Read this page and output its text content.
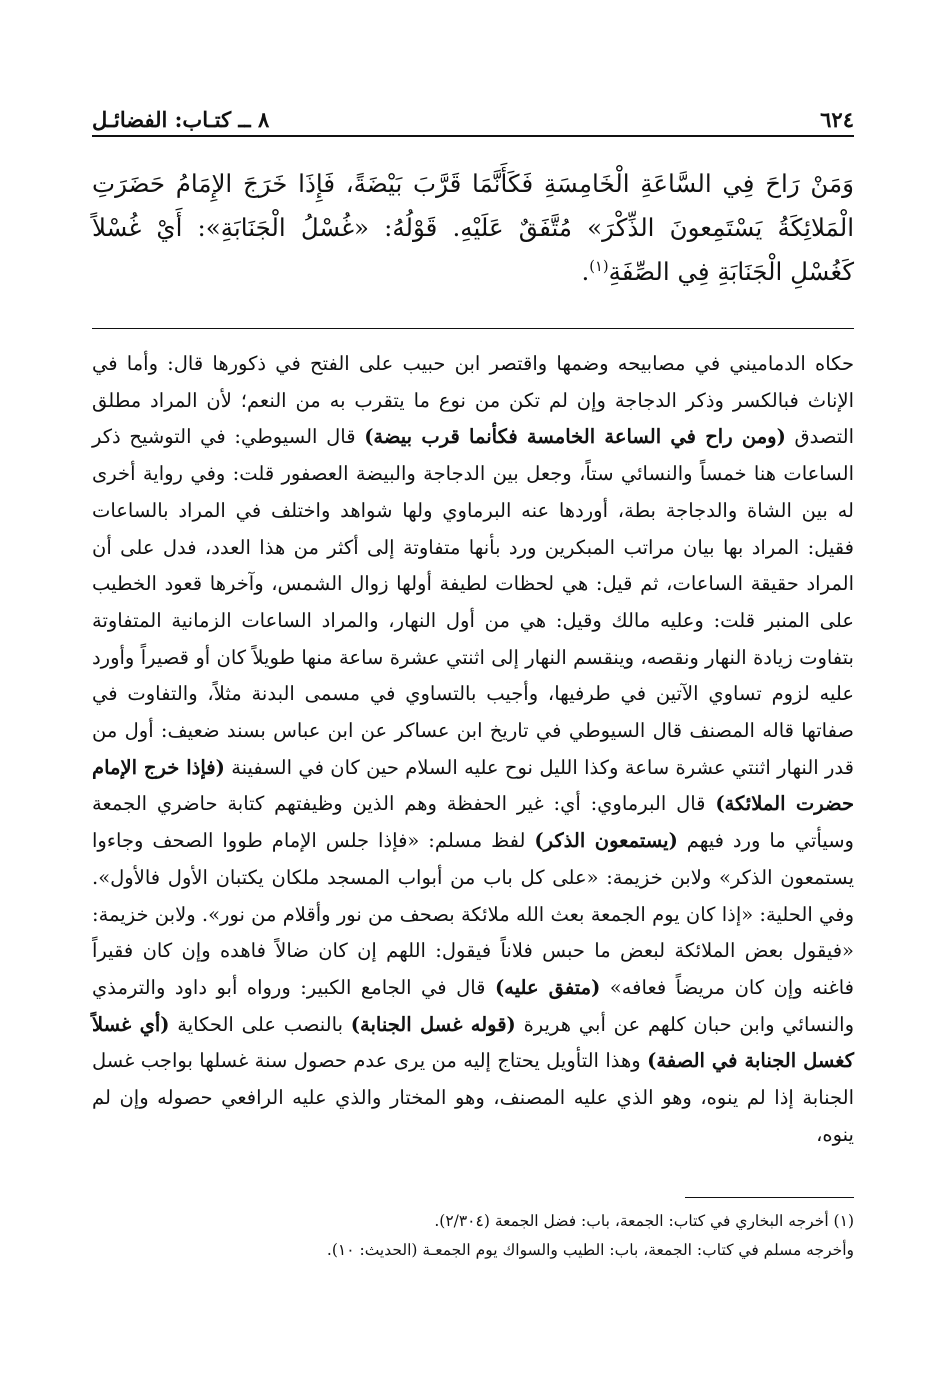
٦٢٤
٨ ــ كتـاب: الفضائـل
وَمَنْ رَاحَ فِي السَّاعَةِ الْخَامِسَةِ فَكَأَنَّمَا قَرَّبَ بَيْضَةً، فَإِذَا خَرَجَ الإِمَامُ حَضَرَتِ الْمَلائِكَةُ يَسْتَمِعونَ الذِّكْرَ» مُتَّفَقٌ عَلَيْهِ. قَوْلُهُ: «غُسْلُ الْجَنَابَةِ»: أَيْ غُسْلاً كَغُسْلِ الْجَنَابَةِ فِي الصِّفَةِ$^{(١)}$.

حكاه الدماميني في مصابيحه وضمها واقتصر ابن حبيب على الفتح في ذكورها قال: وأما في الإناث فبالكسر وذكر الدجاجة وإن لم تكن من نوع ما يتقرب به من النعم؛ لأن المراد مطلق التصدق (ومن راح في الساعة الخامسة فكأنما قرب بيضة) قال السيوطي: في التوشيح ذكر الساعات هنا خمساً والنسائي ستاً، وجعل بين الدجاجة والبيضة العصفور قلت: وفي رواية أخرى له بين الشاة والدجاجة بطة، أوردها عنه البرماوي ولها شواهد واختلف في المراد بالساعات فقيل: المراد بها بيان مراتب المبكرين ورد بأنها متفاوتة إلى أكثر من هذا العدد، فدل على أن المراد حقيقة الساعات، ثم قيل: هي لحظات لطيفة أولها زوال الشمس، وآخرها قعود الخطيب على المنبر قلت: وعليه مالك وقيل: هي من أول النهار، والمراد الساعات الزمانية المتفاوتة بتفاوت زيادة النهار ونقصه، وينقسم النهار إلى اثنتي عشرة ساعة منها طويلاً كان أو قصيراً وأورد عليه لزوم تساوي الآتين في طرفيها، وأجيب بالتساوي في مسمى البدنة مثلاً، والتفاوت في صفاتها قاله المصنف قال السيوطي في تاريخ ابن عساكر عن ابن عباس بسند ضعيف: أول من قدر النهار اثنتي عشرة ساعة وكذا الليل نوح عليه السلام حين كان في السفينة (فإذا خرج الإمام حضرت الملائكة) قال البرماوي: أي: غير الحفظة وهم الذين وظيفتهم كتابة حاضري الجمعة وسيأتي ما ورد فيهم (يستمعون الذكر) لفظ مسلم: «فإذا جلس الإمام طووا الصحف وجاءوا يستمعون الذكر» ولابن خزيمة: «على كل باب من أبواب المسجد ملكان يكتبان الأول فالأول». وفي الحلية: «إذا كان يوم الجمعة بعث الله ملائكة بصحف من نور وأقلام من نور». ولابن خزيمة: «فيقول بعض الملائكة لبعض ما حبس فلاناً فيقول: اللهم إن كان ضالاً فاهده وإن كان فقيراً فاغنه وإن كان مريضاً فعافه» (متفق عليه) قال في الجامع الكبير: ورواه أبو داود والترمذي والنسائي وابن حبان كلهم عن أبي هريرة (قوله غسل الجنابة) بالنصب على الحكاية (أي غسلاً كغسل الجنابة في الصفة) وهذا التأويل يحتاج إليه من يرى عدم حصول سنة غسلها بواجب غسل الجنابة إذا لم ينوه، وهو الذي عليه المصنف، وهو المختار والذي عليه الرافعي حصوله وإن لم ينوه،

(١) أخرجه البخاري في كتاب: الجمعة، باب: فضل الجمعة (٢/٣٠٤).
وأخرجه مسلم في كتاب: الجمعة، باب: الطيب والسواك يوم الجمعـة (الحديث: ١٠).
